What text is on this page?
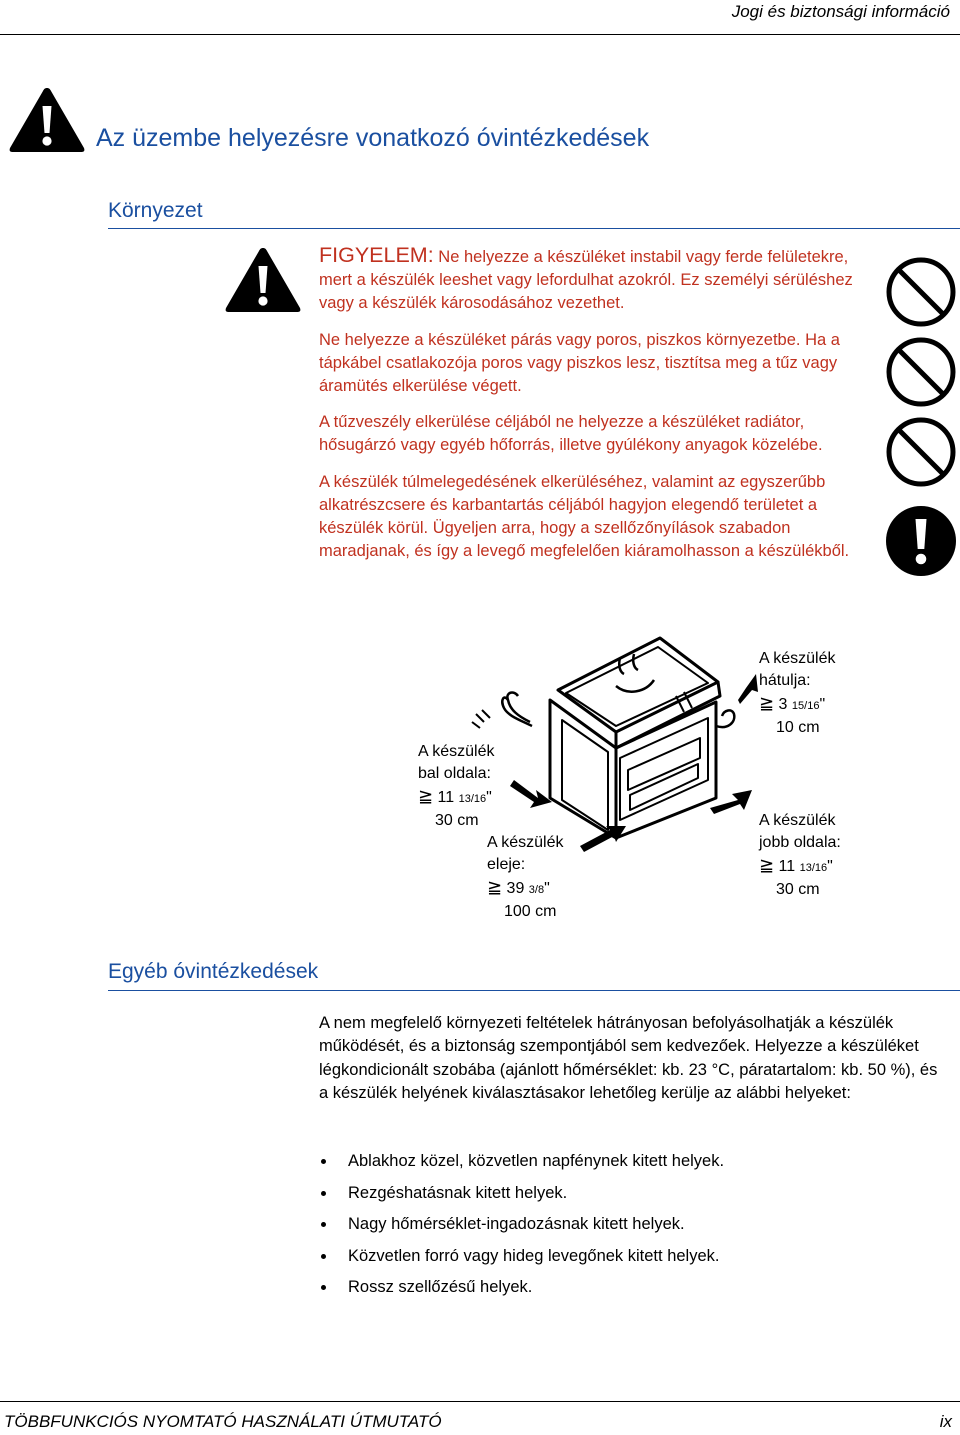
Jogi és biztonsági információ
Az üzembe helyezésre vonatkozó óvintézkedések
Környezet

FIGYELEM: Ne helyezze a készüléket instabil vagy ferde felületekre, mert a készülék leeshet vagy lefordulhat azokról. Ez személyi sérüléshez vagy a készülék károsodásához vezethet.

Ne helyezze a készüléket párás vagy poros, piszkos környezetbe. Ha a tápkábel csatlakozója poros vagy piszkos lesz, tisztítsa meg a tűz vagy áramütés elkerülése végett.

A tűzveszély elkerülése céljából ne helyezze a készüléket radiátor, hősugárzó vagy egyéb hőforrás, illetve gyúlékony anyagok közelébe.

A készülék túlmelegedésének elkerüléséhez, valamint az egyszerűbb alkatrészcsere és karbantartás céljából hagyjon elegendő területet a készülék körül. Ügyeljen arra, hogy a szellőzőnyílások szabadon maradjanak, és így a levegő megfelelően kiáramolhasson a készülékből.

A készülék
hátulja:
≧ 3 15/16"
10 cm
A készülék
bal oldala:
≧ 11 13/16"
30 cm
A készülék
eleje:
≧ 39 3/8"
100 cm
A készülék
jobb oldala:
≧ 11 13/16"
30 cm
Egyéb óvintézkedések
A nem megfelelő környezeti feltételek hátrányosan befolyásolhatják a készülék működését, és a biztonság szempontjából sem kedvezőek. Helyezze a készüléket légkondicionált szobába (ajánlott hőmérséklet: kb. 23 °C, páratartalom: kb. 50 %), és a készülék helyének kiválasztásakor lehetőleg kerülje az alábbi helyeket:
Ablakhoz közel, közvetlen napfénynek kitett helyek.
Rezgéshatásnak kitett helyek.
Nagy hőmérséklet-ingadozásnak kitett helyek.
Közvetlen forró vagy hideg levegőnek kitett helyek.
Rossz szellőzésű helyek.
TÖBBFUNKCIÓS NYOMTATÓ HASZNÁLATI ÚTMUTATÓ	ix
